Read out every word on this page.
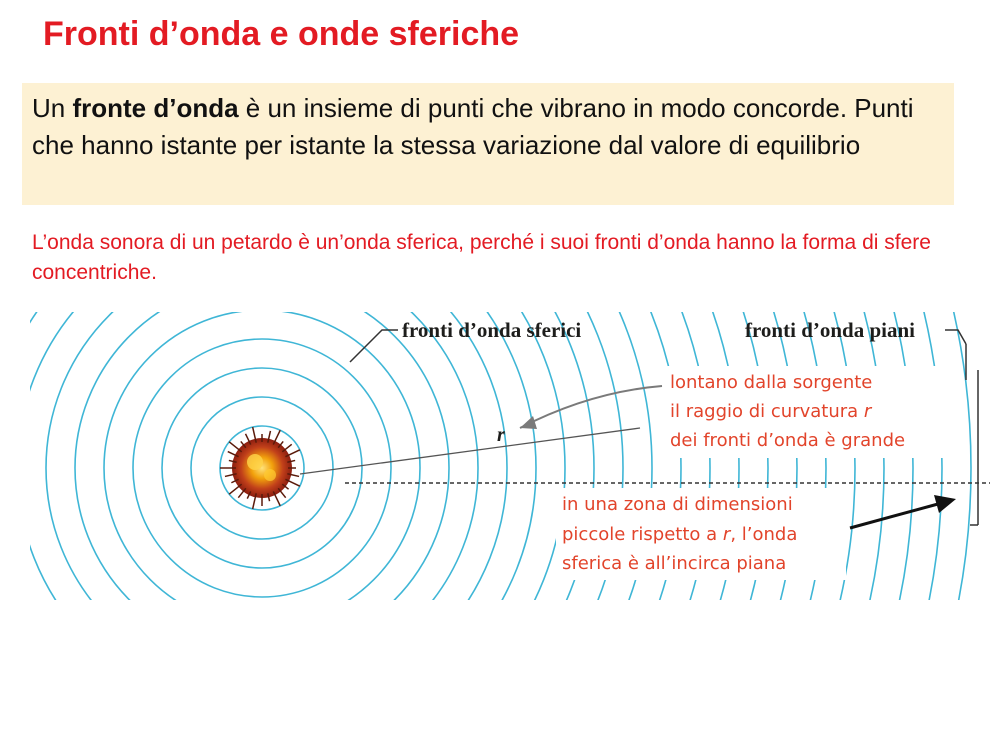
Fronti d’onda e onde sferiche
Un fronte d’onda è un insieme di punti che vibrano in modo concorde. Punti che hanno istante per istante la stessa variazione dal valore di equilibrio
L’onda sonora di un petardo è un’onda sferica, perché i suoi fronti d’onda hanno la forma di sfere concentriche.
fronti d’onda sferici	fronti d’onda piani
r
lontano dalla sorgente il raggio di curvatura r dei fronti d’onda è grande
in una zona di dimensioni piccole rispetto a r, l’onda sferica è all’incirca piana
